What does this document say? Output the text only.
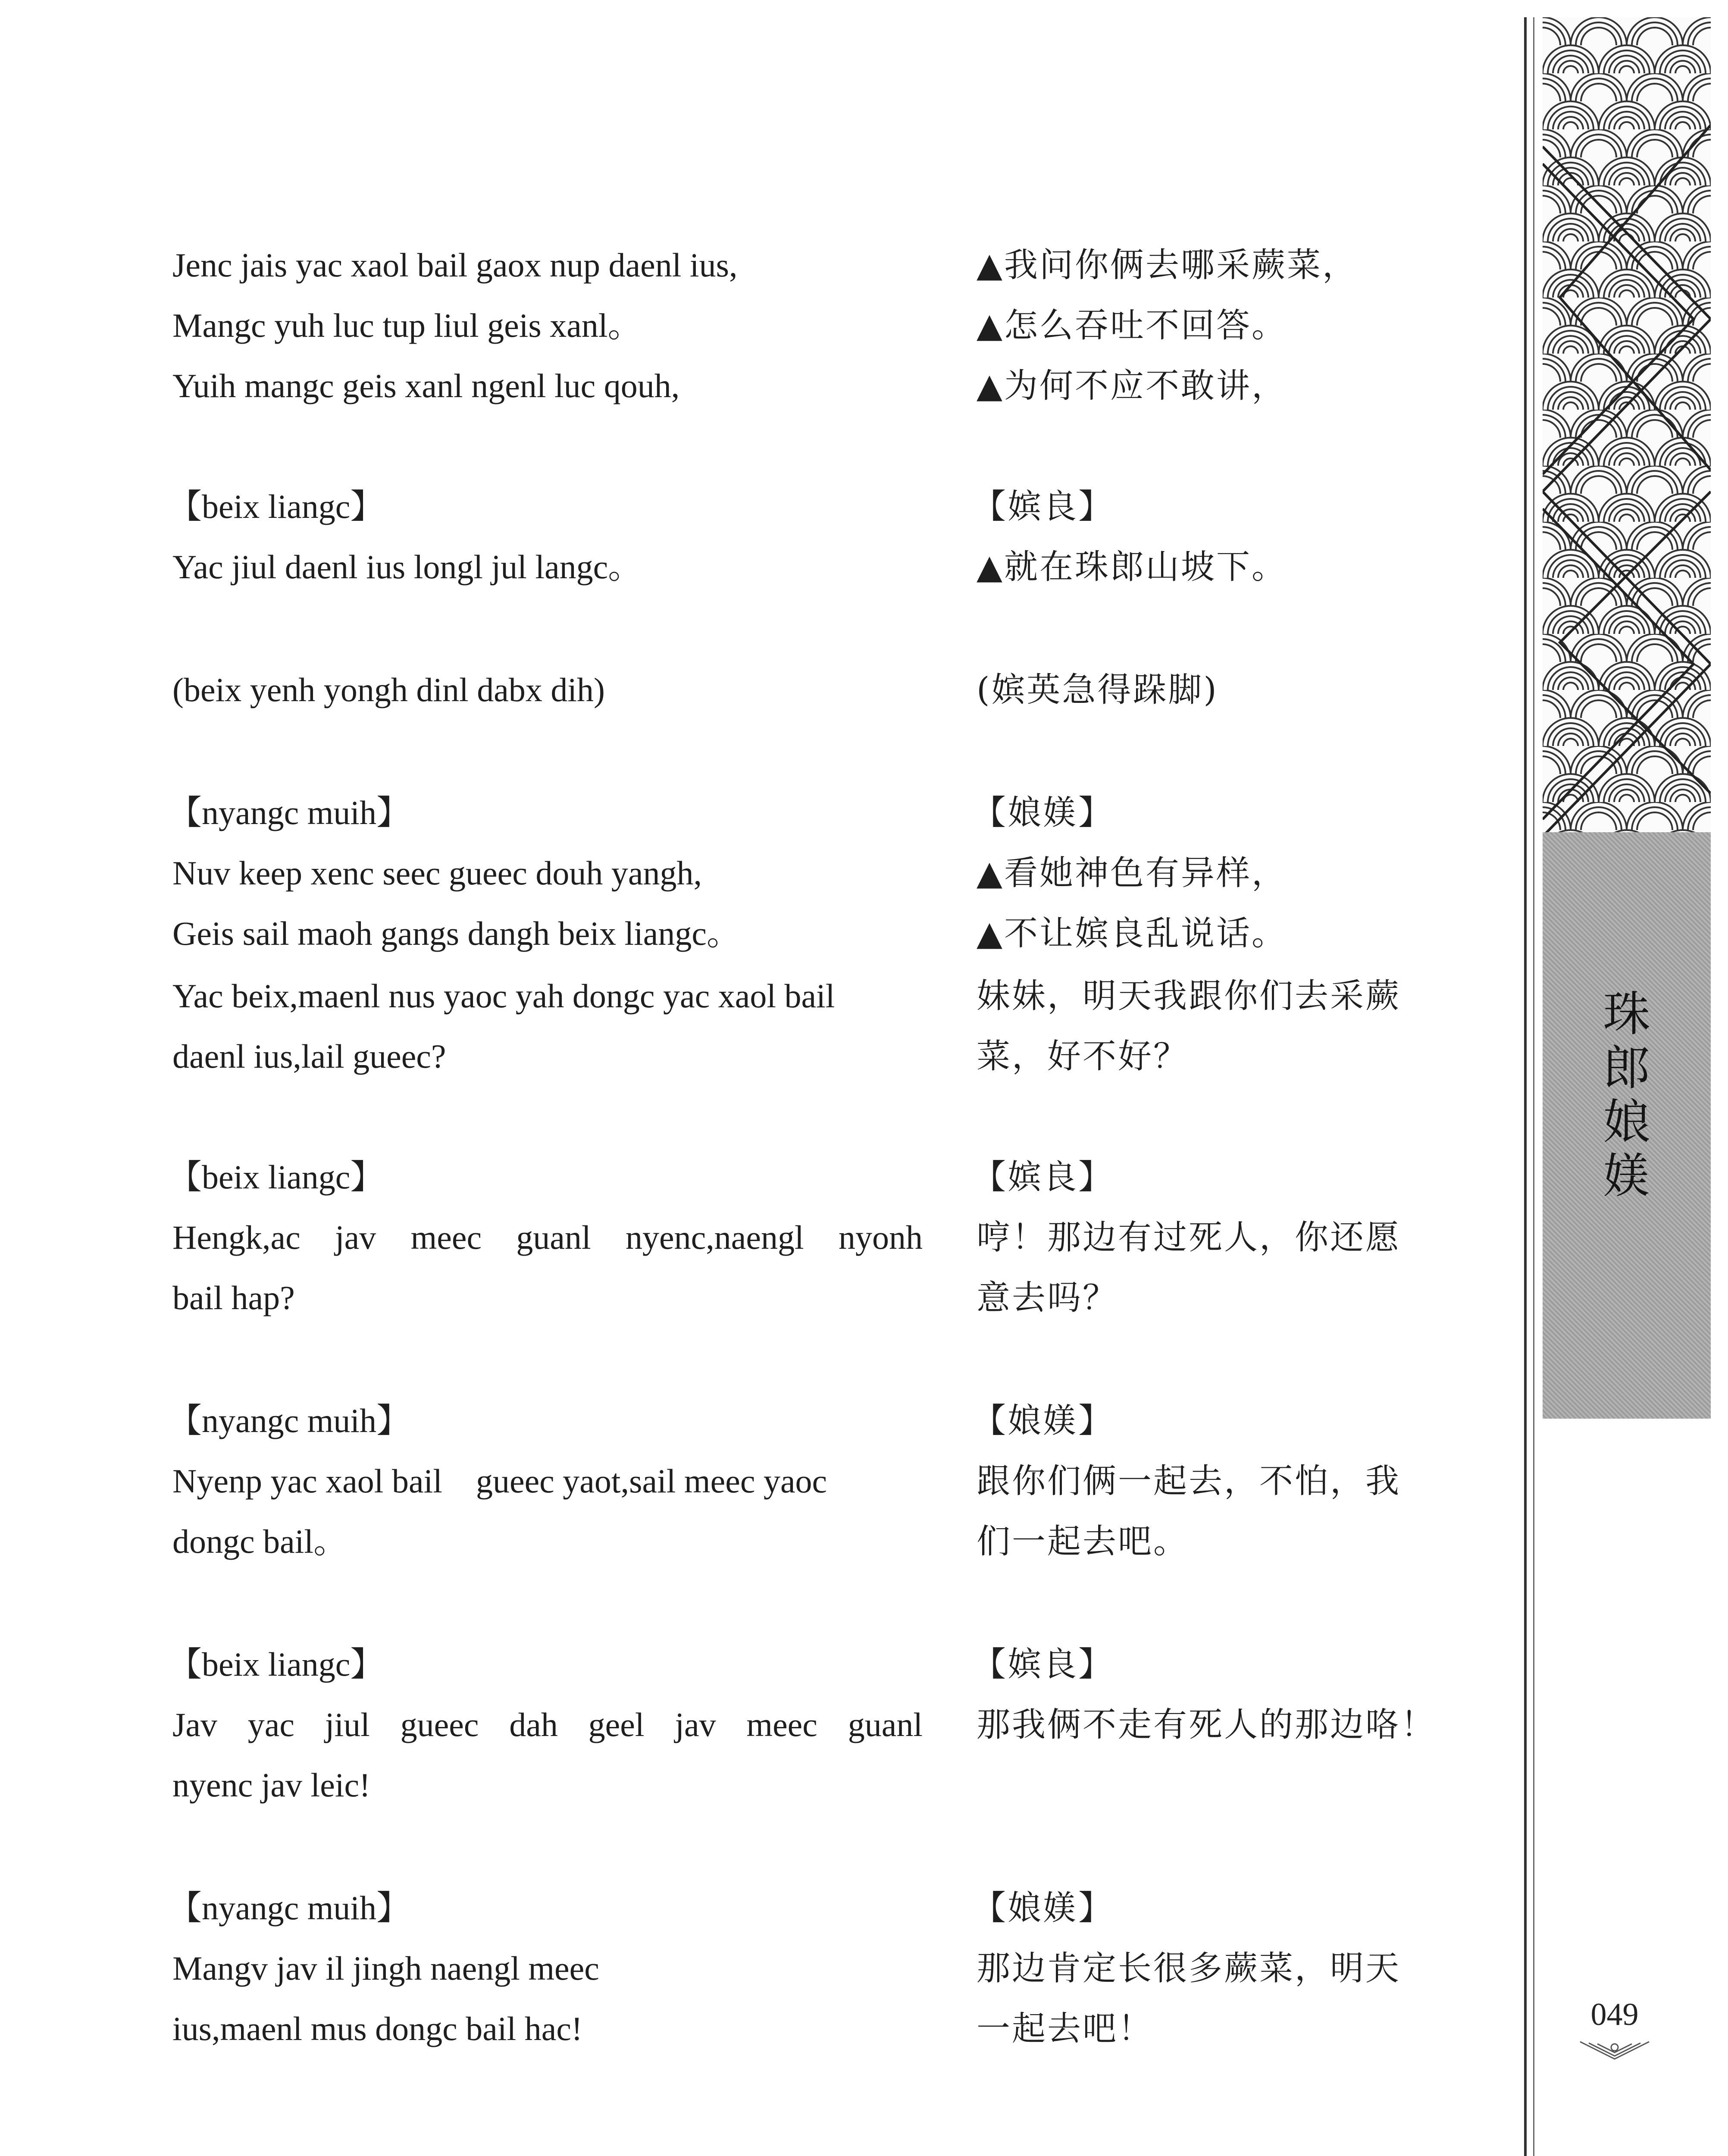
Jenc jais yac xaol bail gaox nup daenl ius,
Mangc yuh luc tup liul geis xanl。
Yuih mangc geis xanl ngenl luc qouh,
【beix liangc】
Yac jiul daenl ius longl jul langc。
(beix yenh yongh dinl dabx dih)
【nyangc muih】
Nuv keep xenc seec gueec douh yangh,
Geis sail maoh gangs dangh beix liangc。
Yac beix,maenl nus yaoc yah dongc yac xaol bail
daenl ius,lail gueec?
【beix liangc】
Hengk,ac jav meec guanl nyenc,naengl nyonh
bail hap?
【nyangc muih】
Nyenp yac xaol bail    gueec yaot,sail meec yaoc
dongc bail。
【beix liangc】
Jav yac jiul gueec dah geel jav meec guanl
nyenc jav leic!
【nyangc muih】
Mangv jav il jingh naengl meec
ius,maenl mus dongc bail hac!
▲我问你俩去哪采蕨菜，
▲怎么吞吐不回答。
▲为何不应不敢讲，
【嫔良】
▲就在珠郎山坡下。
(嫔英急得跺脚)
【娘媄】
▲看她神色有异样，
▲不让嫔良乱说话。
妹妹，明天我跟你们去采蕨
菜，好不好？
【嫔良】
哼！那边有过死人，你还愿
意去吗？
【娘媄】
跟你们俩一起去，不怕，我
们一起去吧。
【嫔良】
那我俩不走有死人的那边咯！
【娘媄】
那边肯定长很多蕨菜，明天
一起去吧！
珠郎娘媄
049
